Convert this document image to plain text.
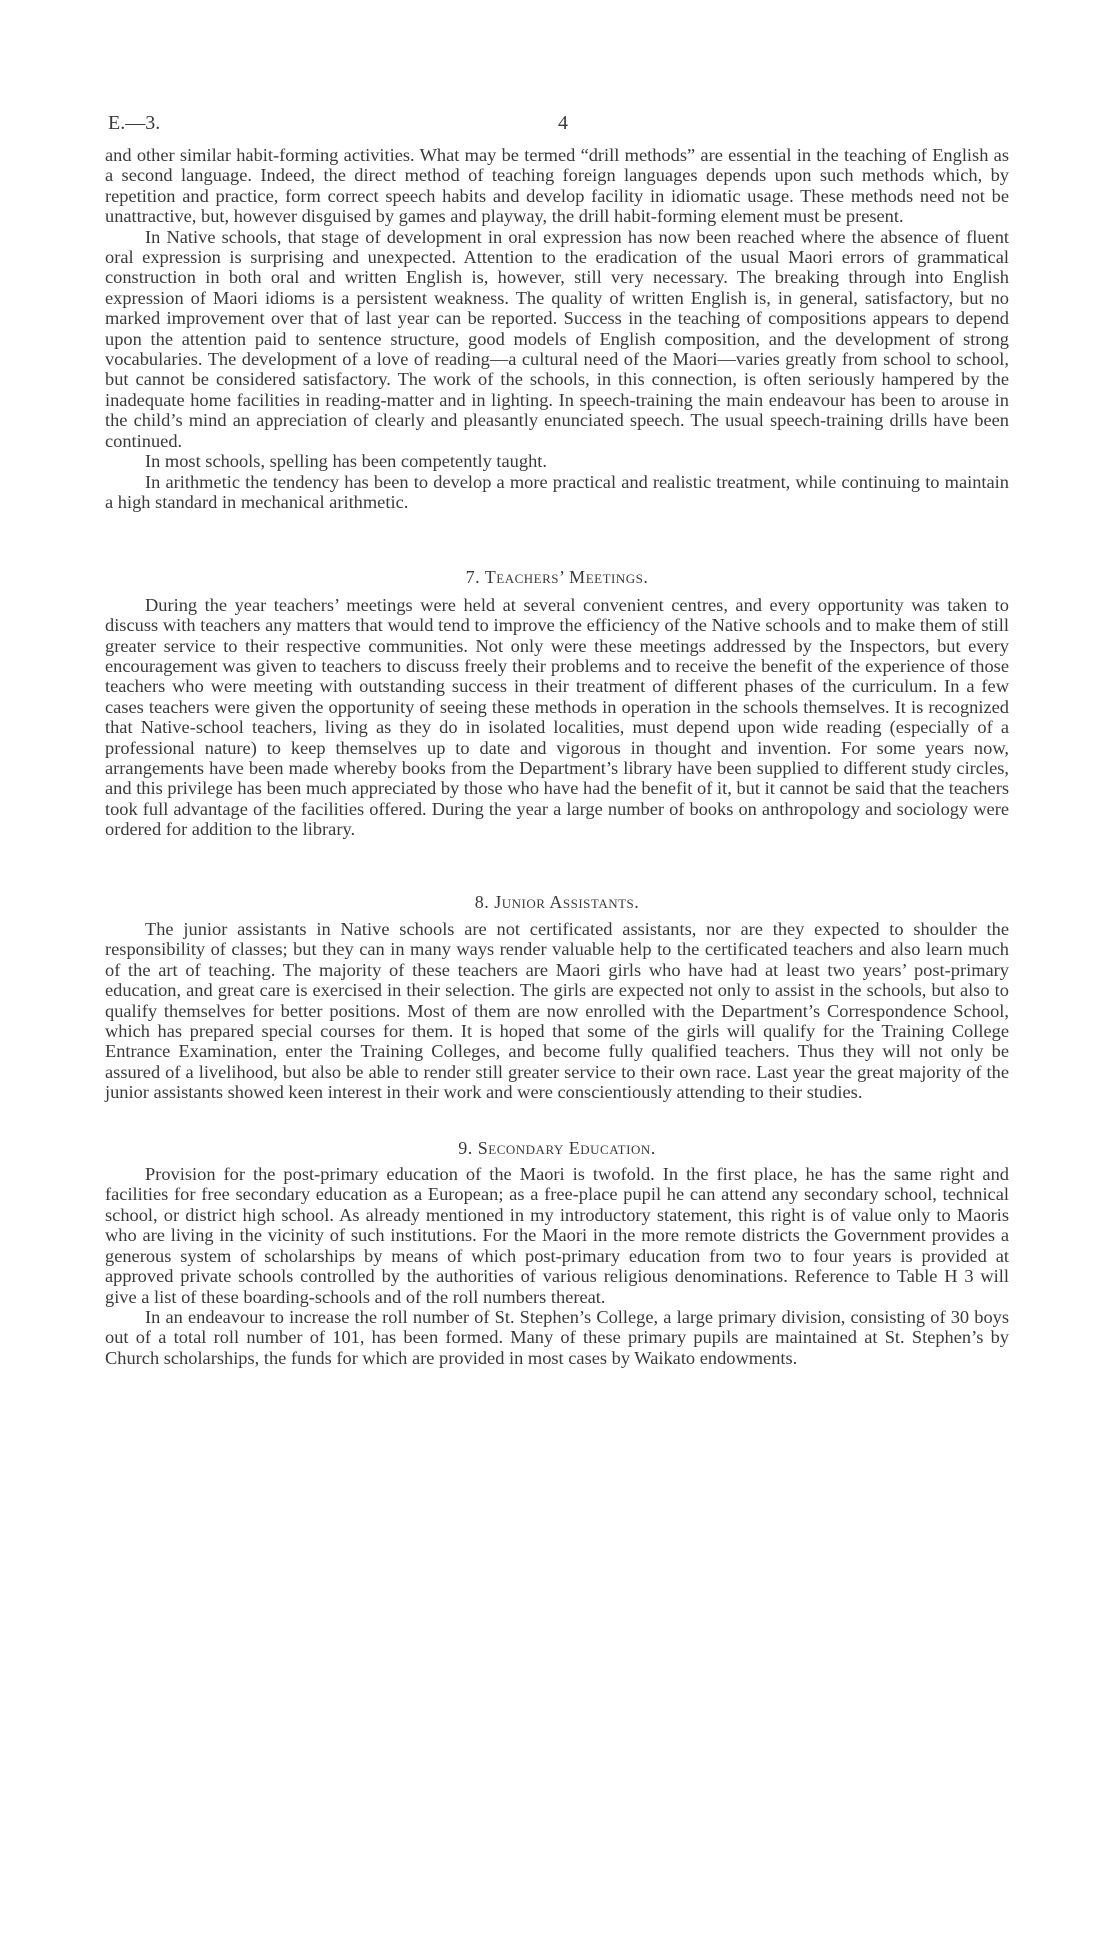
E.—3.	4

and other similar habit-forming activities. What may be termed “drill methods” are essential in the teaching of English as a second language. Indeed, the direct method of teaching foreign languages depends upon such methods which, by repetition and practice, form correct speech habits and develop facility in idiomatic usage. These methods need not be unattractive, but, however disguised by games and playway, the drill habit-forming element must be present.

In Native schools, that stage of development in oral expression has now been reached where the absence of fluent oral expression is surprising and unexpected. Attention to the eradication of the usual Maori errors of grammatical construction in both oral and written English is, however, still very necessary. The breaking through into English expression of Maori idioms is a persistent weakness. The quality of written English is, in general, satisfactory, but no marked improvement over that of last year can be reported. Success in the teaching of compositions appears to depend upon the attention paid to sentence structure, good models of English composition, and the development of strong vocabularies. The development of a love of reading—a cultural need of the Maori—varies greatly from school to school, but cannot be considered satisfactory. The work of the schools, in this connection, is often seriously hampered by the inadequate home facilities in reading-matter and in lighting. In speech-training the main endeavour has been to arouse in the child’s mind an appreciation of clearly and pleasantly enunciated speech. The usual speech-training drills have been continued.

In most schools, spelling has been competently taught.

In arithmetic the tendency has been to develop a more practical and realistic treatment, while continuing to maintain a high standard in mechanical arithmetic.

7. Teachers’ Meetings.

During the year teachers’ meetings were held at several convenient centres, and every opportunity was taken to discuss with teachers any matters that would tend to improve the efficiency of the Native schools and to make them of still greater service to their respective communities. Not only were these meetings addressed by the Inspectors, but every encouragement was given to teachers to discuss freely their problems and to receive the benefit of the experience of those teachers who were meeting with outstanding success in their treatment of different phases of the curriculum. In a few cases teachers were given the opportunity of seeing these methods in operation in the schools themselves. It is recognized that Native-school teachers, living as they do in isolated localities, must depend upon wide reading (especially of a professional nature) to keep themselves up to date and vigorous in thought and invention. For some years now, arrangements have been made whereby books from the Department’s library have been supplied to different study circles, and this privilege has been much appreciated by those who have had the benefit of it, but it cannot be said that the teachers took full advantage of the facilities offered. During the year a large number of books on anthropology and sociology were ordered for addition to the library.

8. Junior Assistants.

The junior assistants in Native schools are not certificated assistants, nor are they expected to shoulder the responsibility of classes; but they can in many ways render valuable help to the certificated teachers and also learn much of the art of teaching. The majority of these teachers are Maori girls who have had at least two years’ post-primary education, and great care is exercised in their selection. The girls are expected not only to assist in the schools, but also to qualify themselves for better positions. Most of them are now enrolled with the Department’s Correspondence School, which has prepared special courses for them. It is hoped that some of the girls will qualify for the Training College Entrance Examination, enter the Training Colleges, and become fully qualified teachers. Thus they will not only be assured of a livelihood, but also be able to render still greater service to their own race. Last year the great majority of the junior assistants showed keen interest in their work and were conscientiously attending to their studies.

9. Secondary Education.

Provision for the post-primary education of the Maori is twofold. In the first place, he has the same right and facilities for free secondary education as a European; as a free-place pupil he can attend any secondary school, technical school, or district high school. As already mentioned in my introductory statement, this right is of value only to Maoris who are living in the vicinity of such institutions. For the Maori in the more remote districts the Government provides a generous system of scholarships by means of which post-primary education from two to four years is provided at approved private schools controlled by the authorities of various religious denominations. Reference to Table H 3 will give a list of these boarding-schools and of the roll numbers thereat.

In an endeavour to increase the roll number of St. Stephen’s College, a large primary division, consisting of 30 boys out of a total roll number of 101, has been formed. Many of these primary pupils are maintained at St. Stephen’s by Church scholarships, the funds for which are provided in most cases by Waikato endowments.
